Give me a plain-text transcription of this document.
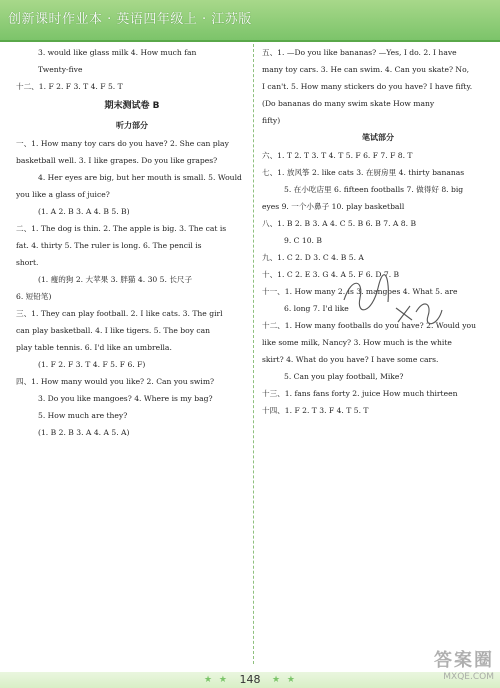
创新课时作业本 · 英语四年级上 · 江苏版
3. would like glass milk 4. How much fan
Twenty-five
十二、1. F 2. F 3. T 4. F 5. T
期末测试卷 B
听力部分
一、1. How many toy cars do you have? 2. She can play
basketball well. 3. I like grapes. Do you like grapes?
4. Her eyes are big, but her mouth is small. 5. Would
you like a glass of juice?
(1. A 2. B 3. A 4. B 5. B)
二、1. The dog is thin. 2. The apple is big. 3. The cat is
fat. 4. thirty 5. The ruler is long. 6. The pencil is
short.
(1. 瘦的狗 2. 大苹果 3. 胖猫 4. 30 5. 长尺子
6. 短铅笔)
三、1. They can play football. 2. I like cats. 3. The girl
can play basketball. 4. I like tigers. 5. The boy can
play table tennis. 6. I'd like an umbrella.
(1. F 2. F 3. T 4. F 5. F 6. F)
四、1. How many would you like? 2. Can you swim?
3. Do you like mangoes? 4. Where is my bag?
5. How much are they?
(1. B 2. B 3. A 4. A 5. A)
五、1. —Do you like bananas? —Yes, I do. 2. I have
many toy cars. 3. He can swim. 4. Can you skate? No,
I can't. 5. How many stickers do you have? I have fifty.
(Do bananas do many swim skate How many
fifty)
笔试部分
六、1. T 2. T 3. T 4. T 5. F 6. F 7. F 8. T
七、1. 放风筝 2. like cats 3. 在厨房里 4. thirty bananas
5. 在小吃店里 6. fifteen footballs 7. 做得好 8. big
eyes 9. 一个小鼻子 10. play basketball
八、1. B 2. B 3. A 4. C 5. B 6. B 7. A 8. B
9. C 10. B
九、1. C 2. D 3. C 4. B 5. A
十、1. C 2. E 3. G 4. A 5. F 6. D 7. B
十一、1. How many 2. is 3. mangoes 4. What 5. are
6. long 7. I'd like
十二、1. How many footballs do you have? 2. Would you
like some milk, Nancy? 3. How much is the white
skirt? 4. What do you have? I have some cars.
5. Can you play football, Mike?
十三、1. fans fans forty 2. juice How much thirteen
十四、1. F 2. T 3. F 4. T 5. T
★ ★ 148	★ ★
答案圈
MXQE.COM
